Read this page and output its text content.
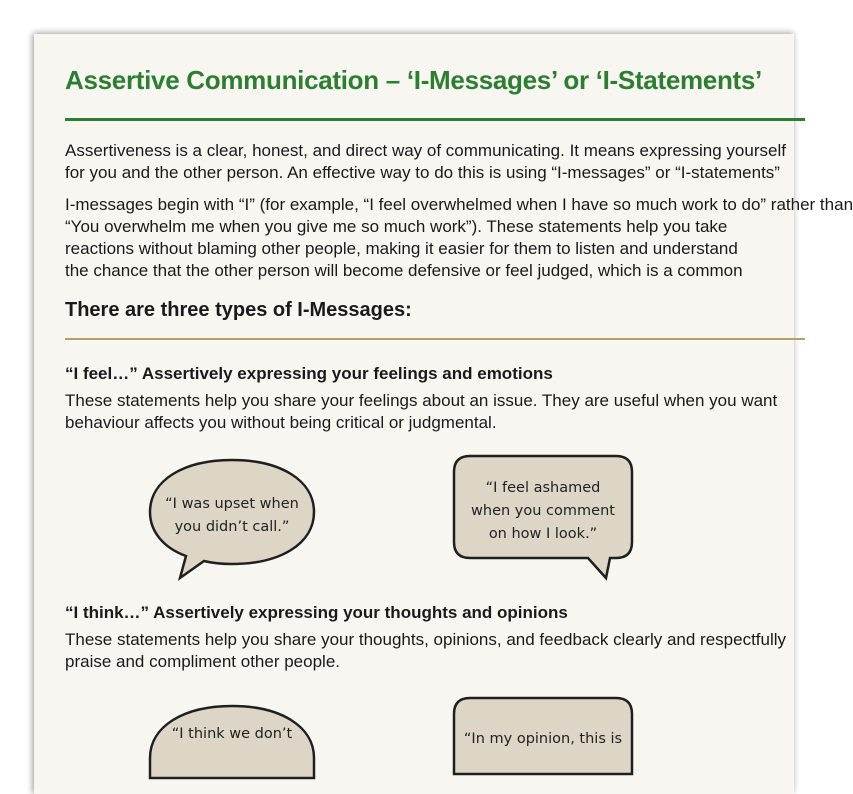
Assertive Communication – ‘I-Messages’ or ‘I-Statements’
Assertiveness is a clear, honest, and direct way of communicating. It means expressing yourself
for you and the other person. An effective way to do this is using “I-messages” or “I-statements”
I-messages begin with “I” (for example, “I feel overwhelmed when I have so much work to do” rather than
“You overwhelm me when you give me so much work”). These statements help you take
reactions without blaming other people, making it easier for them to listen and understand
the chance that the other person will become defensive or feel judged, which is a common
There are three types of I-Messages:
“I feel…” Assertively expressing your feelings and emotions
These statements help you share your feelings about an issue. They are useful when you want
behaviour affects you without being critical or judgmental.
“I was upset when
you didn’t call.”
“I feel ashamed
when you comment
on how I look.”
“I think…” Assertively expressing your thoughts and opinions
These statements help you share your thoughts, opinions, and feedback clearly and respectfully
praise and compliment other people.
“I think we don’t	“In my opinion, this is
